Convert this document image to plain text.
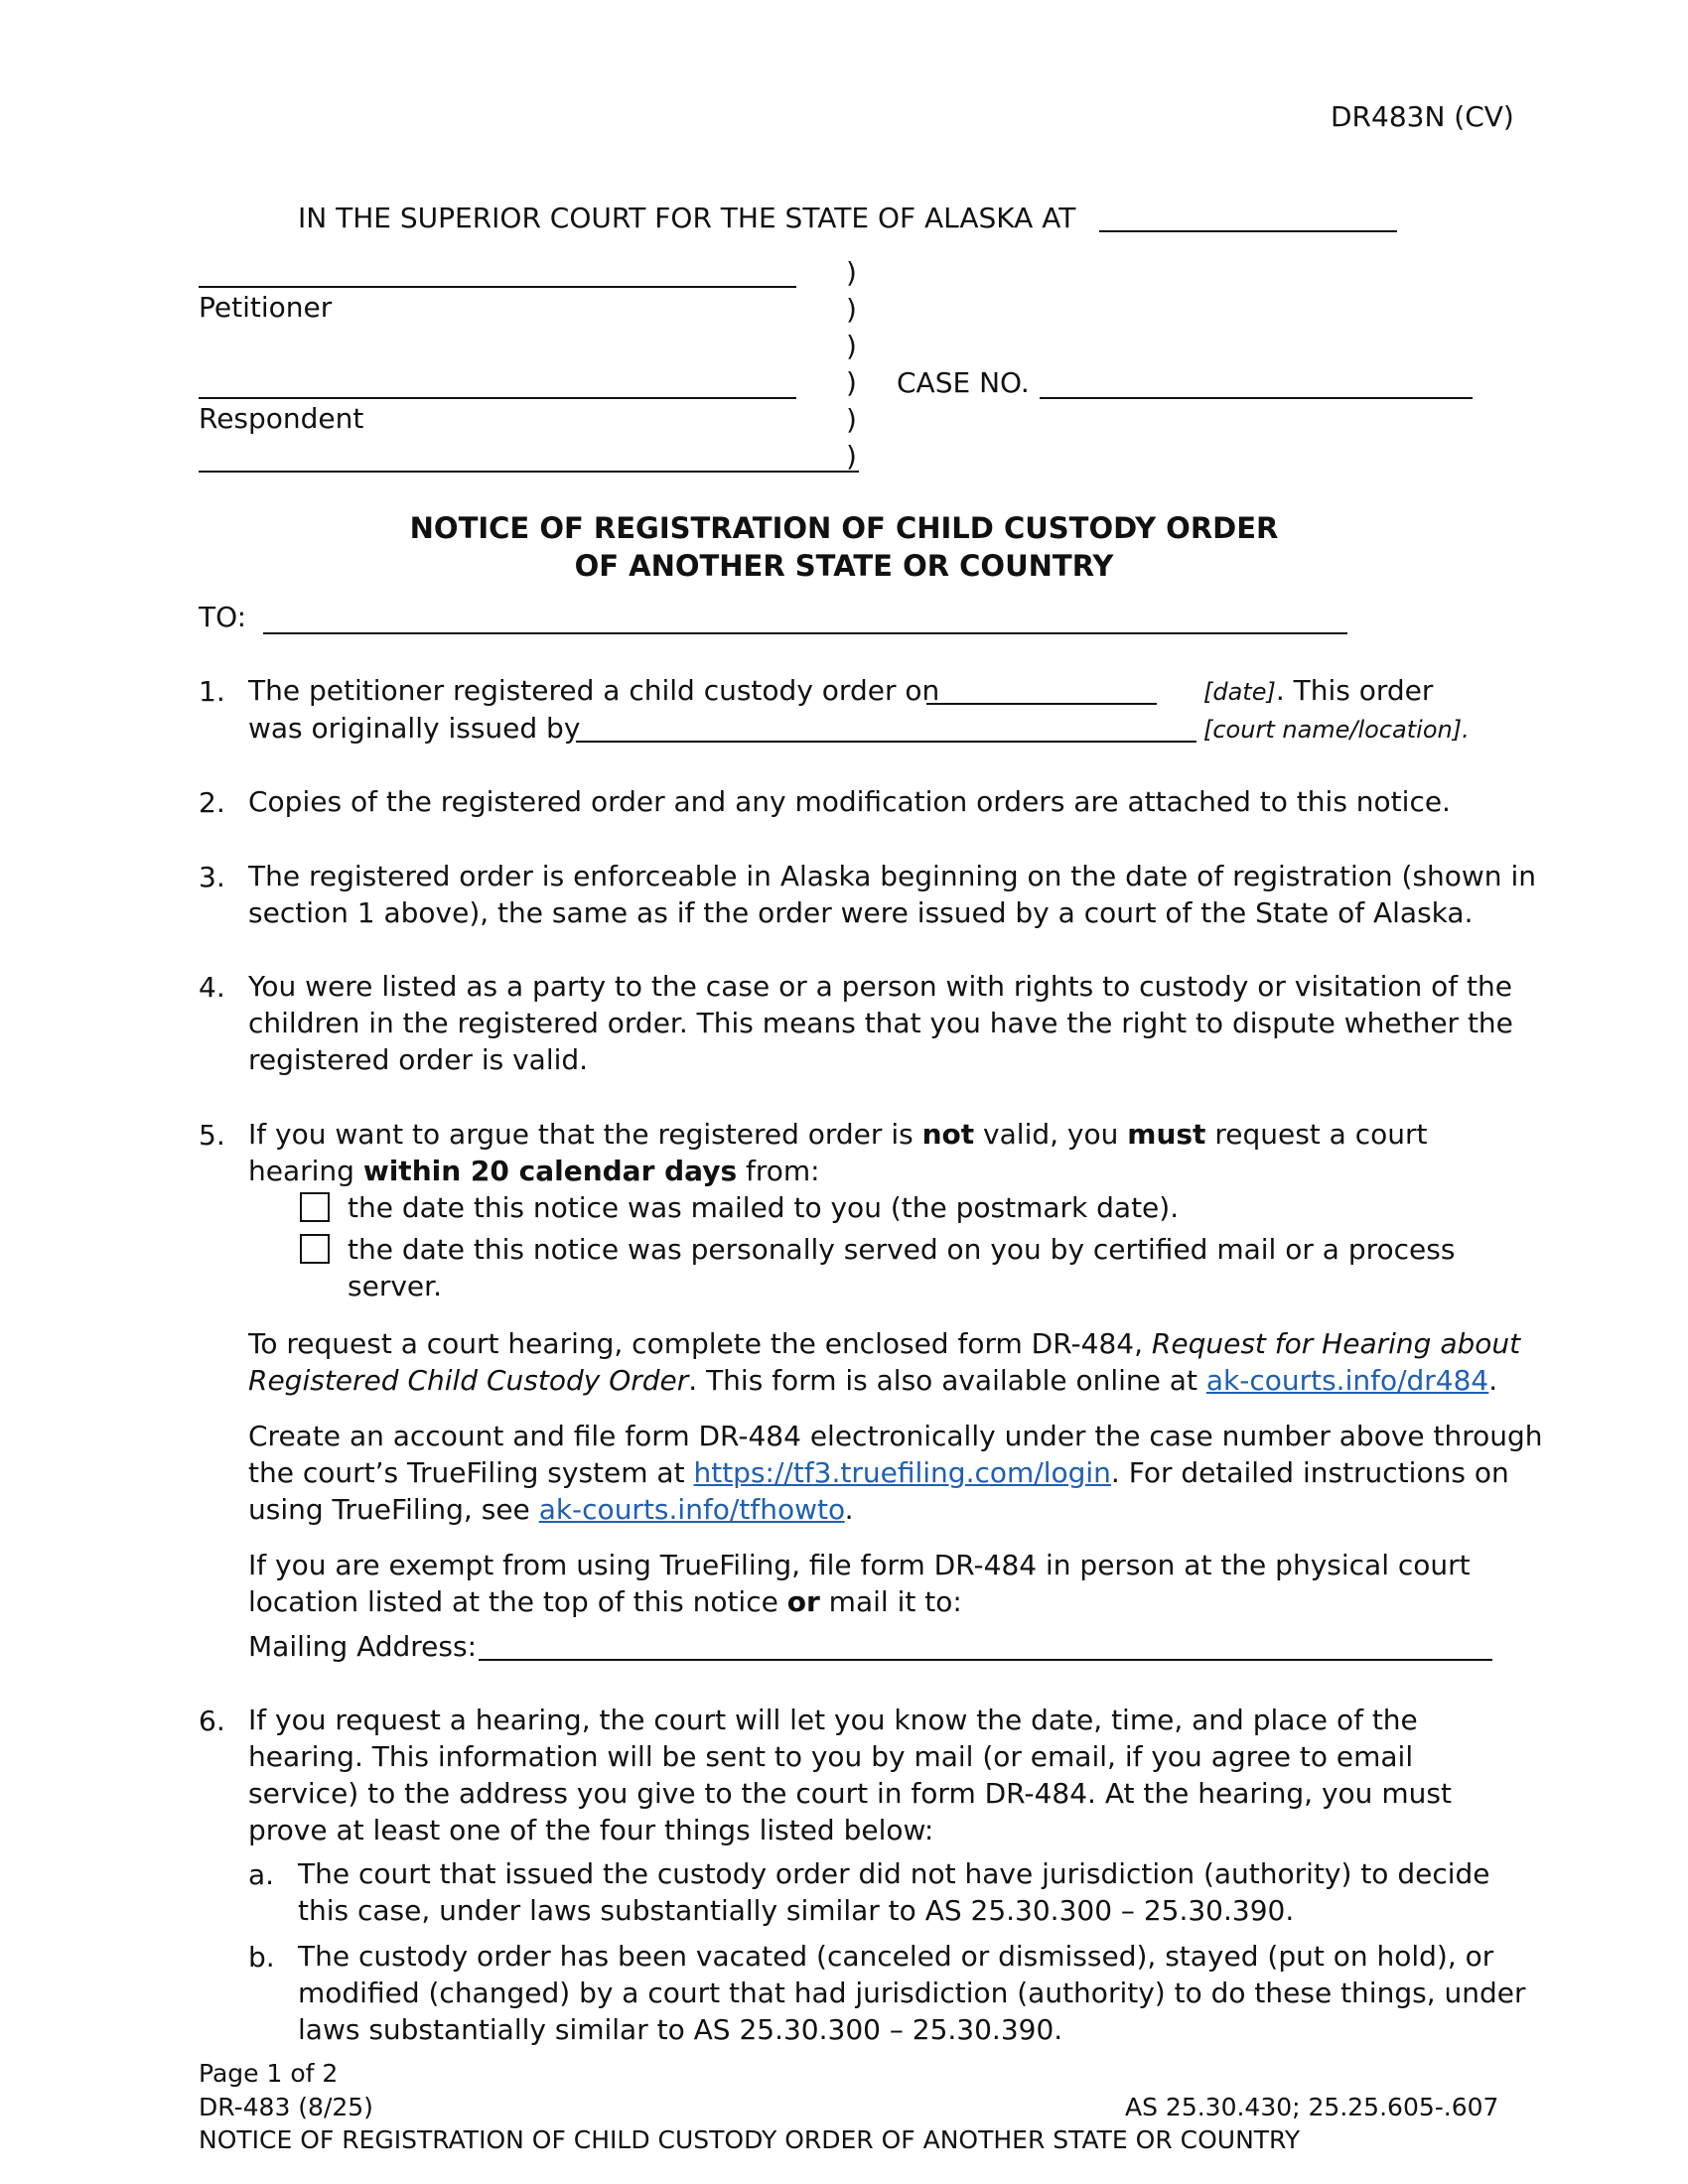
DR483N (CV)
IN THE SUPERIOR COURT FOR THE STATE OF ALASKA AT
Petitioner
Respondent
)
)
)
)
)
)
CASE NO.
NOTICE OF REGISTRATION OF CHILD CUSTODY ORDER
OF ANOTHER STATE OR COUNTRY
TO:
1. The petitioner registered a child custody order on	[date]. This order
was originally issued by	[court name/location].
2. Copies of the registered order and any modification orders are attached to this notice.
3. The registered order is enforceable in Alaska beginning on the date of registration (shown in
section 1 above), the same as if the order were issued by a court of the State of Alaska.
4. You were listed as a party to the case or a person with rights to custody or visitation of the
children in the registered order. This means that you have the right to dispute whether the
registered order is valid.
5. If you want to argue that the registered order is not valid, you must request a court
hearing within 20 calendar days from:
the date this notice was mailed to you (the postmark date).
the date this notice was personally served on you by certified mail or a process
server.
To request a court hearing, complete the enclosed form DR-484, Request for Hearing about
Registered Child Custody Order. This form is also available online at ak-courts.info/dr484.
Create an account and file form DR-484 electronically under the case number above through
the court’s TrueFiling system at https://tf3.truefiling.com/login. For detailed instructions on
using TrueFiling, see ak-courts.info/tfhowto.
If you are exempt from using TrueFiling, file form DR-484 in person at the physical court
location listed at the top of this notice or mail it to:
Mailing Address:
6. If you request a hearing, the court will let you know the date, time, and place of the
hearing. This information will be sent to you by mail (or email, if you agree to email
service) to the address you give to the court in form DR-484. At the hearing, you must
prove at least one of the four things listed below:
a. The court that issued the custody order did not have jurisdiction (authority) to decide
this case, under laws substantially similar to AS 25.30.300 – 25.30.390.
b. The custody order has been vacated (canceled or dismissed), stayed (put on hold), or
modified (changed) by a court that had jurisdiction (authority) to do these things, under
laws substantially similar to AS 25.30.300 – 25.30.390.
Page 1 of 2
DR-483 (8/25)	AS 25.30.430; 25.25.605-.607
NOTICE OF REGISTRATION OF CHILD CUSTODY ORDER OF ANOTHER STATE OR COUNTRY
